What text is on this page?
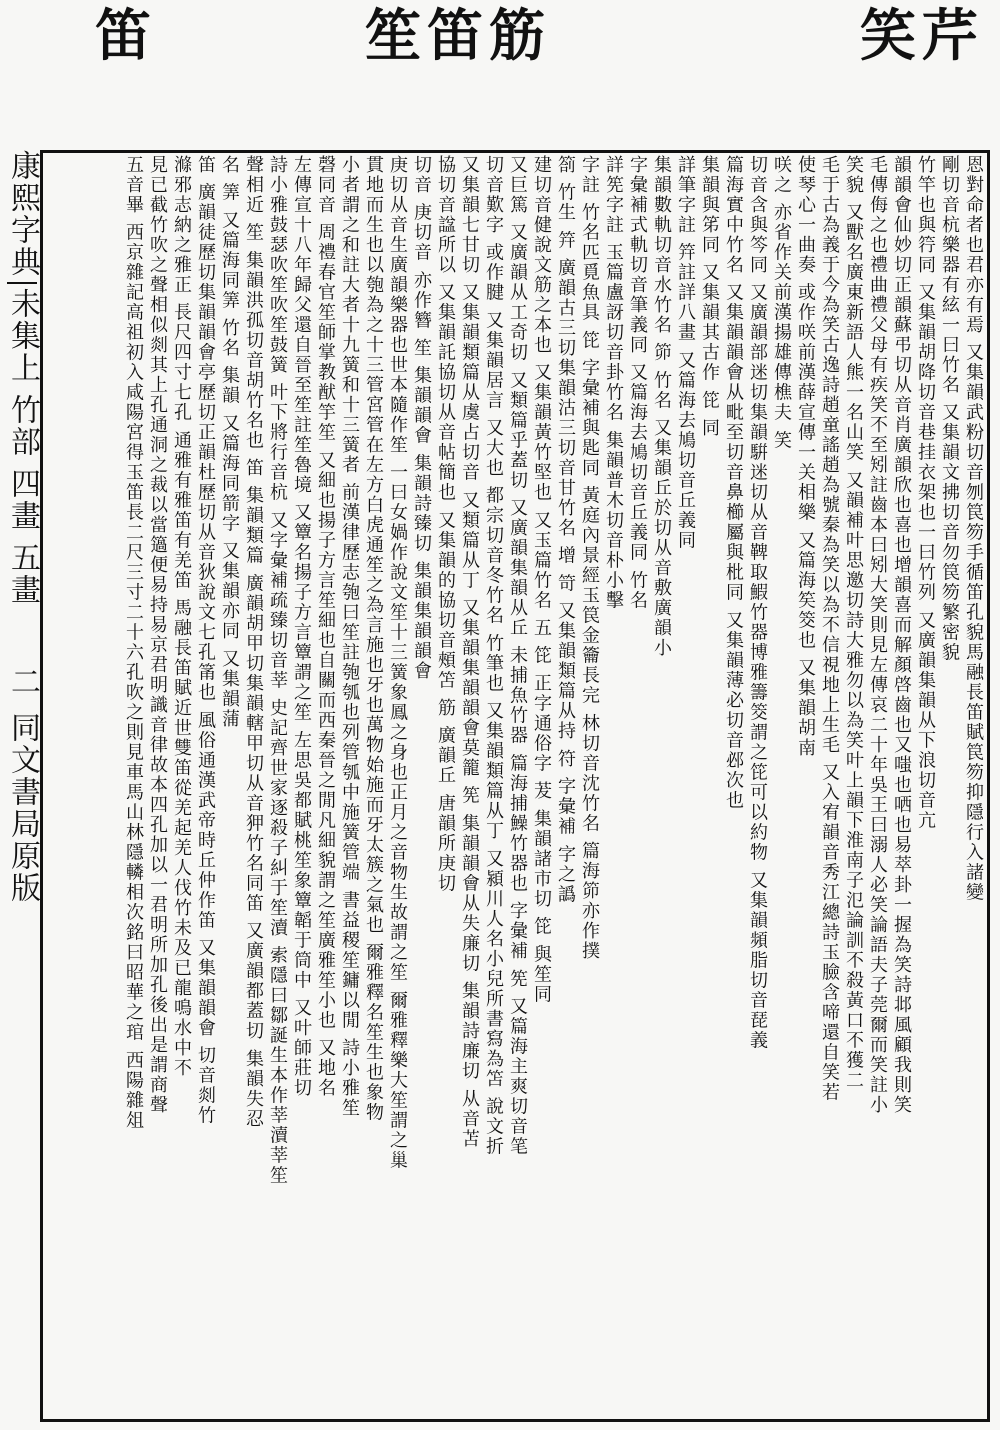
笛	笙笛筋	笑芹
康熙字典
未集上
竹部
四畫
五畫
二
同文書局原版	恩對命者也君亦有焉 又集韻武粉切音刎笢笏手循笛孔貌馬融長笛賦笢笏抑隱行入諸變
剛切音杭樂器有絃一曰竹名 又集韻文拂切音勿笢笏繁密貌
竹竿也與筕同 又集韻胡降切音巷挂衣架也一曰竹列 又廣韻集韻从下浪切音亢
韻韻會仙妙切正韻蘇弔切从音肖廣韻欣也喜也增韻喜而解顏啓齒也又嗤也哂也易萃卦一握為笑詩邶風顧我則笑
毛傳侮之也禮曲禮父母有疾笑不至矧註齒本曰矧大笑則見左傳哀二十年吳王曰溺人必笑論語夫子莞爾而笑註小
笑貌 又獸名廣東新語人熊一名山笑 又韻補叶思邀切詩大雅勿以為笑叶上韻下淮南子氾論訓不殺黃口不獲二
毛于古為義于今為笑古逸詩趙童謠趙為號秦為笑以為不信視地上生毛 又入宥韻音秀江總詩玉臉含啼還自笑若
使琴心一曲奏 或作咲前漢薛宣傳一关相樂 又篇海笶筊也 又集韻胡南
咲之 亦省作关前漢揚雄傳樵夫 笑
切音含與笒同 又廣韻部迷切集韻騈迷切从音鞞取鰕竹器博雅籌筊謂之笓可以約物 又集韻頻脂切音琵義
篇海實中竹名 又集韻韻會从毗至切音鼻櫛屬與枇同 又集韻薄必切音邲次也
集韻與笫同 又集韻其古作 笓 同
詳筆字註 筓註詳八畫 又篇海去鳩切音丘義同
集韻數軌切音水竹名 笷 竹名 又集韻丘於切从音敷廣韻小
字彙補式軌切音筆義同 又篇海去鳩切音丘義同 竹名
詳筅字註 玉篇盧訝切音卦竹名 集韻普木切音朴小擊
字註 竹名匹覓魚具 笓 字彙補與匙同 黃庭內景經玉笢金籥長完 林切音沈竹名 篇海笷亦作撲
箚 竹生 筓 廣韻古三切集韻沽三切音甘竹名 增 笴 又集韻類篇从持 符 字彙補 字之譌
建切音健說文筋之本也 又集韻黃竹堅也 又玉篇竹名 五 笓 正字通俗字 茇 集韻諸市切 笓 與笙同
又巨篤 又廣韻从工奇切 又類篇乎蓋切 又廣韻集韻从丘 未捕魚竹器 篇海捕鱢竹器也 字彙補 筅 又篇海主爽切音笔
切音歎字 或作腱 又集韻居言 又大也 都宗切音冬竹名 竹筆也 又集韻類篇从丁 又潁川人名小兒所書寫為笘 說文折
又集韻七甘切 又集韻類篇从虞占切音 又類篇从丁 又集韻集韻韻會莫籠 筅 集韻韻會从失廉切 集韻詩廉切 从音苫
協切音諡所以 又集韻託協切从音帖簡也 又集韻的協切音頰笘 筋 廣韻丘 唐韻所庚切
切音 庚切音 亦作簪 笙 集韻韻會 集韻詩臻切 集韻集韻韻會
庚切从音生廣韻樂器也世本隨作笙 一曰女媧作說文笙十三簧象鳳之身也正月之音物生故謂之笙 爾雅釋樂大笙謂之巢
貫地而生也以匏為之十三管宮管在左方白虎通笙之為言施也牙也萬物始施而牙太簇之氣也 爾雅釋名笙生也象物
小者謂之和註大者十九簧和十三簧者 前漢律歷志匏曰笙註匏瓠也列管瓠中施簧管端 書益稷笙鏞以閒 詩小雅笙
磬同音 周禮春官笙師掌教猷竽笙 又細也揚子方言笙細也自關而西秦晉之閒凡細貌謂之笙廣雅笙小也 又地名
左傳宣十八年歸父還自晉至笙註笙魯境 又簟名揚子方言簟謂之笙 左思吳都賦桃笙象簟韜于筒中 又叶師莊切
詩小雅鼓瑟吹笙吹笙鼓簧 叶下將行音杭 又字彙補疏臻切音莘 史記齊世家逐殺子糾于笙瀆 索隱曰鄒誕生本作莘瀆莘笙
聲相近 笙 集韻洪孤切音胡竹名也 笛 集韻類篇 廣韻胡甲切集韻轄甲切从音狎竹名同笛 又廣韻都蓋切 集韻失忍
名 筭 又篇海同筭 竹名 集韻 又篇海同箭字 又集韻亦同 又集韻蒲
笛 廣韻徒歷切集韻韻會亭歷切正韻杜歷切从音狄說文七孔筩也 風俗通漢武帝時丘仲作笛 又集韻韻會 切音剡竹
滌邪志納之雅正 長尺四寸七孔 通雅有雅笛有羌笛 馬融長笛賦近世雙笛從羌起羌人伐竹未及已龍鳴水中不
見已截竹吹之聲相似剡其上孔通洞之裁以當簻便易持易京君明識音律故本四孔加以一君明所加孔後出是謂商聲
五音畢 西京雜記高祖初入咸陽宮得玉笛長二尺三寸二十六孔吹之則見車馬山林隱轔相次銘曰昭華之琯 西陽雜俎
